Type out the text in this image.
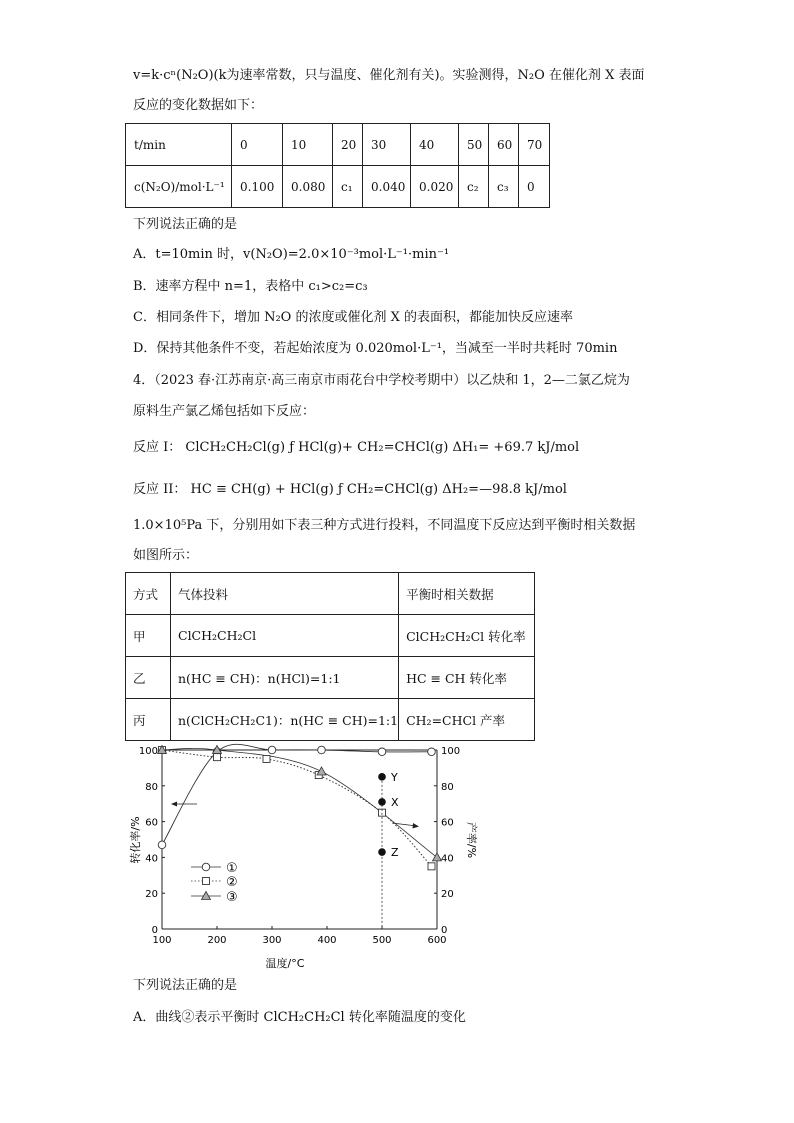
v=k·cⁿ(N₂O)(k为速率常数，只与温度、催化剂有关)。实验测得，N₂O 在催化剂 X 表面
反应的变化数据如下：
t/min	0	10	20	30	40	50	60	70
c(N₂O)/mol·L⁻¹	0.100	0.080	c₁	0.040	0.020	c₂	c₃	0
下列说法正确的是
A．t=10min 时，v(N₂O)=2.0×10⁻³mol·L⁻¹·min⁻¹
B．速率方程中 n=1，表格中 c₁>c₂=c₃
C．相同条件下，增加 N₂O 的浓度或催化剂 X 的表面积，都能加快反应速率
D．保持其他条件不变，若起始浓度为 0.020mol·L⁻¹，当减至一半时共耗时 70min
4．（2023 春·江苏南京·高三南京市雨花台中学校考期中）以乙炔和 1，2—二氯乙烷为
原料生产氯乙烯包括如下反应：
反应 I： ClCH₂CH₂Cl(g) ƒ HCl(g)+ CH₂=CHCl(g) ΔH₁= +69.7 kJ/mol
反应 II： HC ≡ CH(g) + HCl(g) ƒ CH₂=CHCl(g) ΔH₂=—98.8 kJ/mol
1.0×10⁵Pa 下，分别用如下表三种方式进行投料，不同温度下反应达到平衡时相关数据
如图所示：
方式	气体投料	平衡时相关数据
甲	ClCH₂CH₂Cl	ClCH₂CH₂Cl 转化率
乙	n(HC ≡ CH)：n(HCl)=1:1	HC ≡ CH 转化率
丙	n(ClCH₂CH₂C1)：n(HC ≡ CH)=1:1	CH₂=CHCl 产率
100	200	300	400	500	600
0	0
20	20
40	40
60	60
80	80
100	100
Y
X
Z
①
②
③
温度/°C
转化率/%	产率/%
下列说法正确的是
A．曲线②表示平衡时 ClCH₂CH₂Cl 转化率随温度的变化
